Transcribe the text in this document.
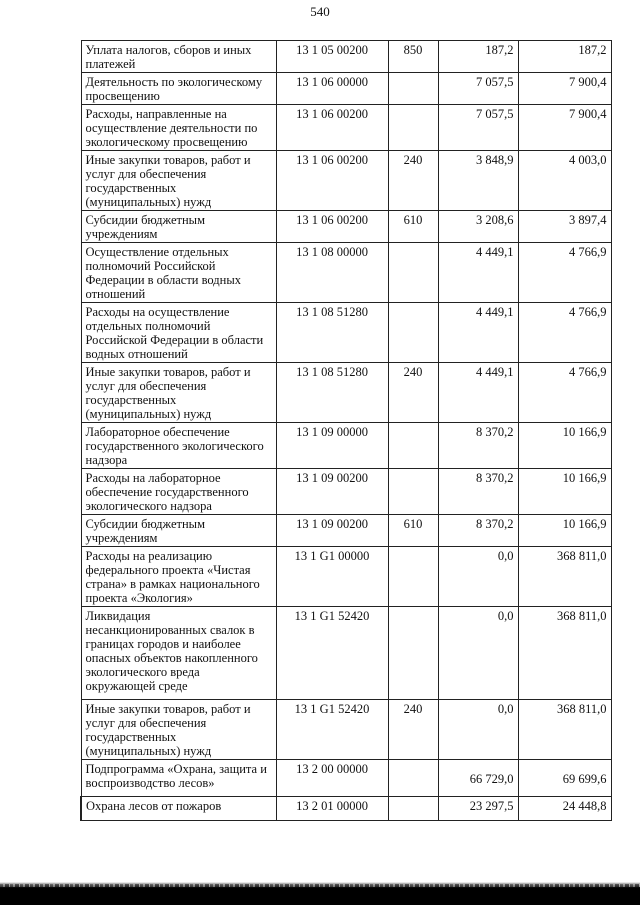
540
Уплата налогов, сборов и иных платежей	13 1 05 00200	850	187,2	187,2
Деятельность по экологическому просвещению	13 1 06 00000		7 057,5	7 900,4
Расходы, направленные на осуществление деятельности по экологическому просвещению	13 1 06 00200		7 057,5	7 900,4
Иные закупки товаров, работ и услуг для обеспечения государственных (муниципальных) нужд	13 1 06 00200	240	3 848,9	4 003,0
Субсидии бюджетным учреждениям	13 1 06 00200	610	3 208,6	3 897,4
Осуществление отдельных полномочий Российской Федерации в области водных отношений	13 1 08 00000		4 449,1	4 766,9
Расходы на осуществление отдельных полномочий Российской Федерации в области водных отношений	13 1 08 51280		4 449,1	4 766,9
Иные закупки товаров, работ и услуг для обеспечения государственных (муниципальных) нужд	13 1 08 51280	240	4 449,1	4 766,9
Лабораторное обеспечение государственного экологического надзора	13 1 09 00000		8 370,2	10 166,9
Расходы на лабораторное обеспечение государственного экологического надзора	13 1 09 00200		8 370,2	10 166,9
Субсидии бюджетным учреждениям	13 1 09 00200	610	8 370,2	10 166,9
Расходы на реализацию федерального проекта «Чистая страна» в рамках национального проекта «Экология»	13 1 G1 00000		0,0	368 811,0
Ликвидация несанкционированных свалок в границах городов и наиболее опасных объектов накопленного экологического вреда окружающей среде	13 1 G1 52420		0,0	368 811,0
Иные закупки товаров, работ и услуг для обеспечения государственных (муниципальных) нужд	13 1 G1 52420	240	0,0	368 811,0
Подпрограмма «Охрана, защита и воспроизводство лесов»	13 2 00 00000		66 729,0	69 699,6
Охрана лесов от пожаров	13 2 01 00000		23 297,5	24 448,8
